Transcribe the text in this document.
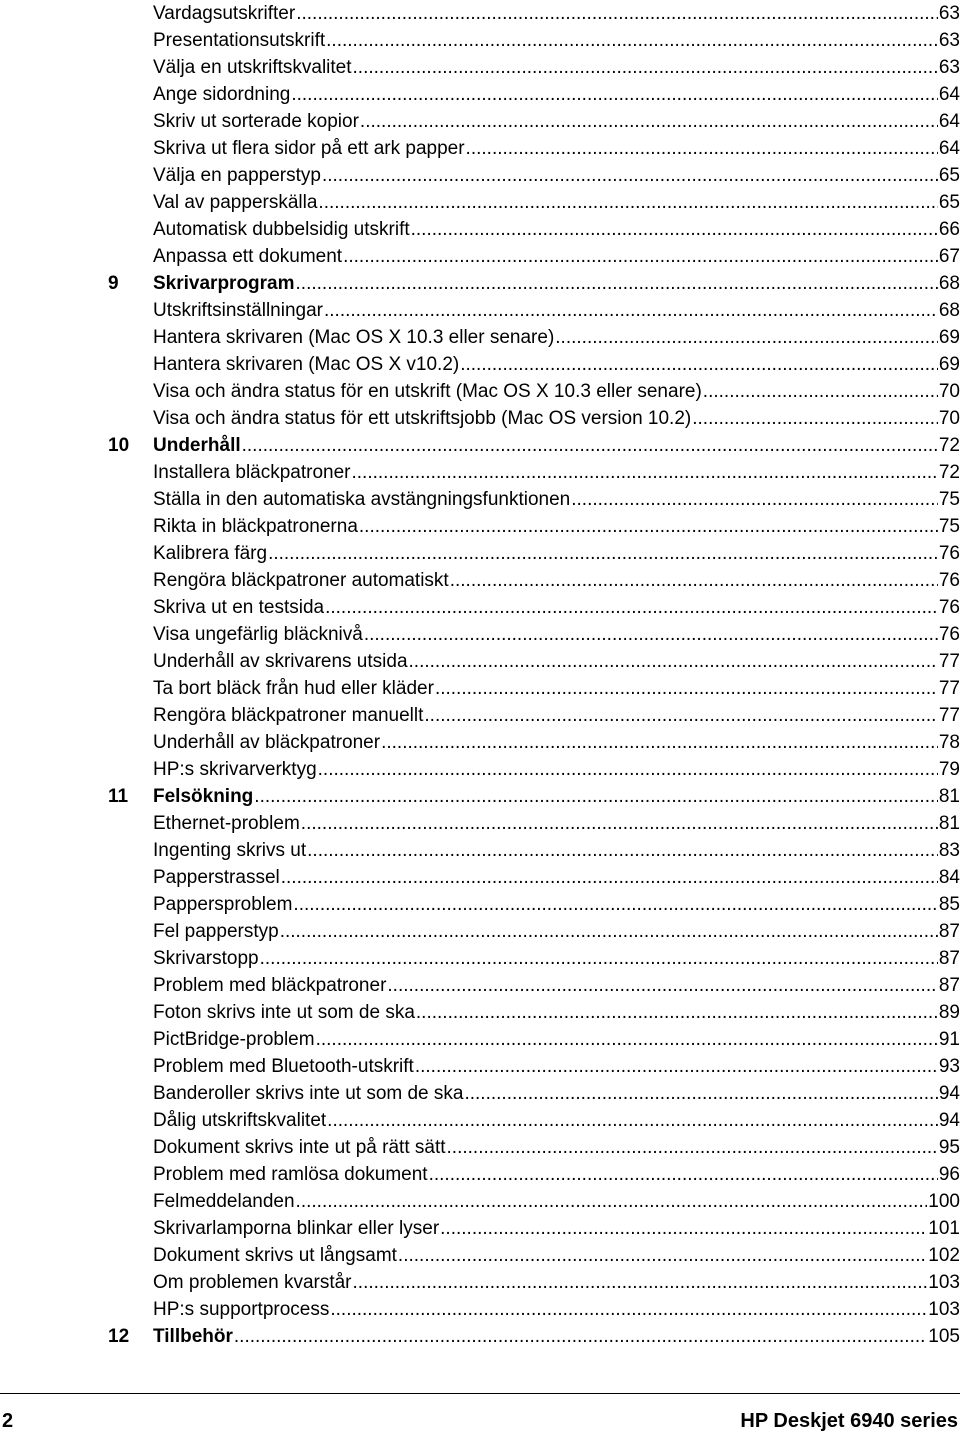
Vardagsutskrifter .....	63
Presentationsutskrift .....	63
Välja en utskriftskvalitet .....	63
Ange sidordning .....	64
Skriv ut sorterade kopior .....	64
Skriva ut flera sidor på ett ark papper .....	64
Välja en papperstyp .....	65
Val av papperskälla .....	65
Automatisk dubbelsidig utskrift .....	66
Anpassa ett dokument .....	67
9	Skrivarprogram .....	68
Utskriftsinställningar .....	68
Hantera skrivaren (Mac OS X 10.3 eller senare) .....	69
Hantera skrivaren (Mac OS X v10.2) .....	69
Visa och ändra status för en utskrift (Mac OS X 10.3 eller senare) .....	70
Visa och ändra status för ett utskriftsjobb (Mac OS version 10.2) .....	70
10	Underhåll .....	72
Installera bläckpatroner .....	72
Ställa in den automatiska avstängningsfunktionen .....	75
Rikta in bläckpatronerna .....	75
Kalibrera färg .....	76
Rengöra bläckpatroner automatiskt .....	76
Skriva ut en testsida .....	76
Visa ungefärlig bläcknivå .....	76
Underhåll av skrivarens utsida .....	77
Ta bort bläck från hud eller kläder .....	77
Rengöra bläckpatroner manuellt .....	77
Underhåll av bläckpatroner .....	78
HP:s skrivarverktyg .....	79
11	Felsökning .....	81
Ethernet-problem .....	81
Ingenting skrivs ut .....	83
Papperstrassel .....	84
Pappersproblem .....	85
Fel papperstyp .....	87
Skrivarstopp .....	87
Problem med bläckpatroner .....	87
Foton skrivs inte ut som de ska .....	89
PictBridge-problem .....	91
Problem med Bluetooth-utskrift .....	93
Banderoller skrivs inte ut som de ska .....	94
Dålig utskriftskvalitet .....	94
Dokument skrivs inte ut på rätt sätt .....	95
Problem med ramlösa dokument .....	96
Felmeddelanden .....	100
Skrivarlamporna blinkar eller lyser .....	101
Dokument skrivs ut långsamt .....	102
Om problemen kvarstår .....	103
HP:s supportprocess .....	103
12	Tillbehör .....	105
2	HP Deskjet 6940 series
